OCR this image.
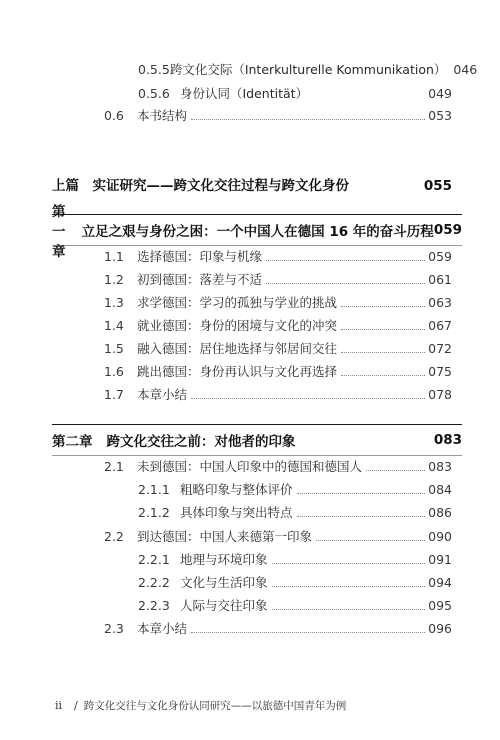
0.5.5 跨文化交际（Interkulturelle Kommunikation） 046
0.5.6 身份认同（Identität）	049
0.6	本书结构	053
上篇　实证研究——跨文化交往过程与跨文化身份	055
第一章
立足之艰与身份之困：一个中国人在德国 16 年的奋斗历程 059
1.1	选择德国：印象与机缘	059
1.2	初到德国：落差与不适	061
1.3	求学德国：学习的孤独与学业的挑战	063
1.4	就业德国：身份的困境与文化的冲突	067
1.5	融入德国：居住地选择与邻居间交往	072
1.6	跳出德国：身份再认识与文化再选择	075
1.7	本章小结	078
第二章 跨文化交往之前：对他者的印象	083
2.1	未到德国：中国人印象中的德国和德国人	083
2.1.1 粗略印象与整体评价	084
2.1.2 具体印象与突出特点	086
2.2	到达德国：中国人来德第一印象	090
2.2.1 地理与环境印象	091
2.2.2 文化与生活印象	094
2.2.3 人际与交往印象	095
2.3	本章小结	096
ii / 跨文化交往与文化身份认同研究——以旅德中国青年为例
